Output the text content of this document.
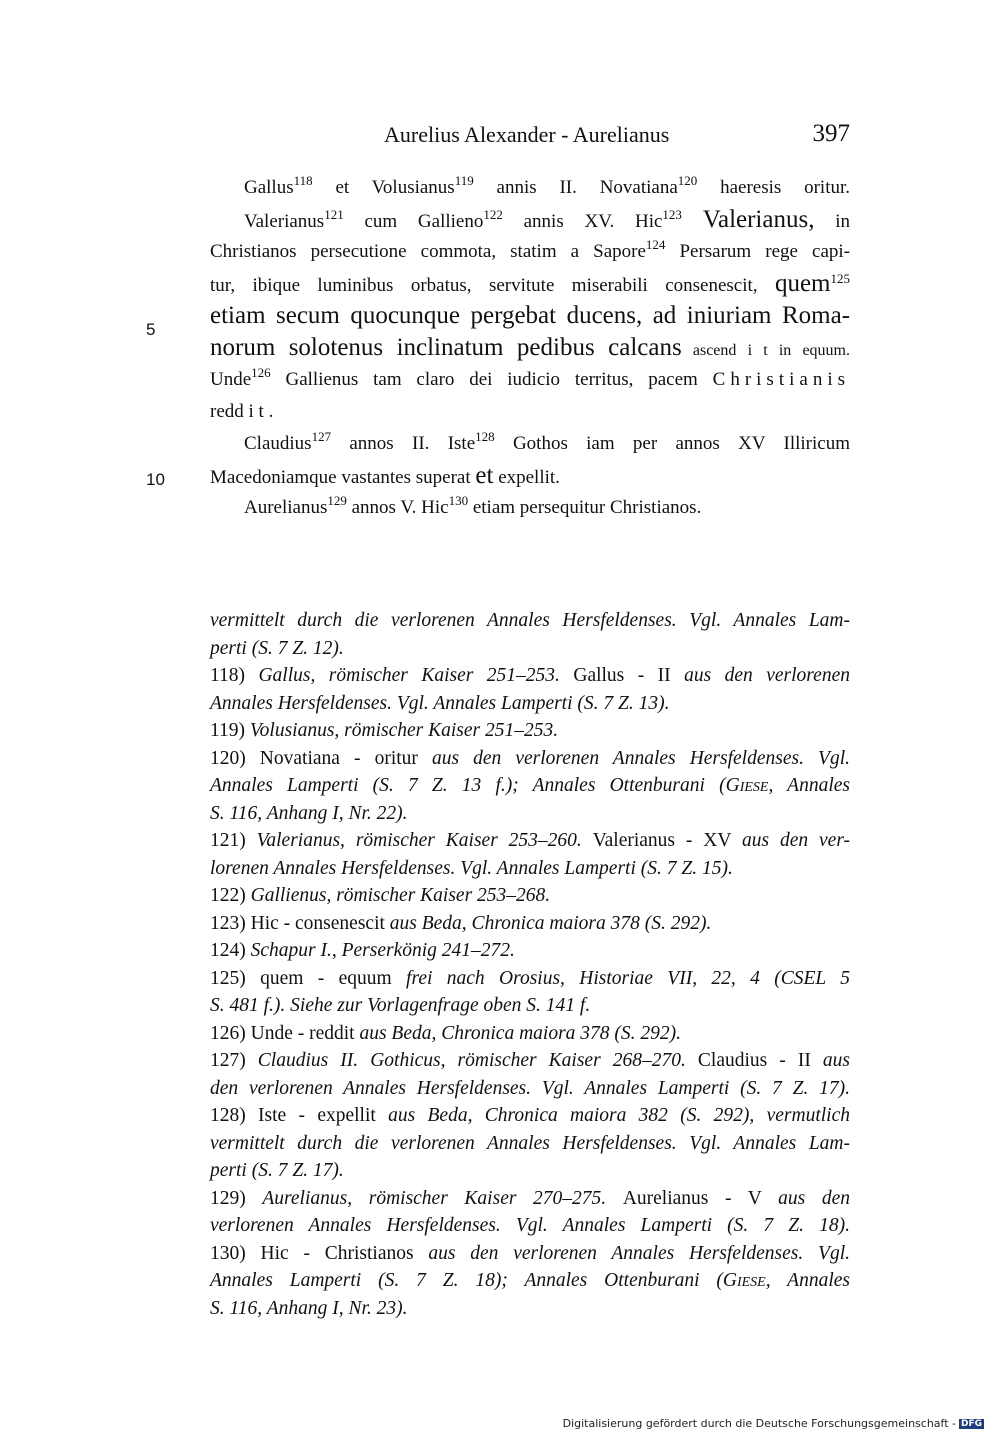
Aurelius Alexander - Aurelianus	397
5
10
Gallus$^{118}$ et Volusianus$^{119}$ annis II. Novatiana$^{120}$ haeresis oritur.
Valerianus$^{121}$ cum Gallieno$^{122}$ annis XV. Hic$^{123}$ Valerianus, in
Christianos persecutione commota, statim a Sapore$^{124}$ Persarum rege capi-
tur, ibique luminibus orbatus, servitute miserabili consenescit, quem$^{125}$
etiam secum quocunque pergebat ducens, ad iniuriam Roma-
norum solotenus inclinatum pedibus calcans ascend i t in equum.
Unde$^{126}$ Gallienus tam claro dei iudicio territus, pacem Christianis
redd i t .
Claudius$^{127}$ annos II. Iste$^{128}$ Gothos iam per annos XV Illiricum
Macedoniamque vastantes superat et expellit.
Aurelianus$^{129}$ annos V. Hic$^{130}$ etiam persequitur Christianos.
vermittelt durch die verlorenen Annales Hersfeldenses. Vgl. Annales Lam-
perti (S. 7 Z. 12).
118) Gallus, römischer Kaiser 251–253. Gallus - II aus den verlorenen
Annales Hersfeldenses. Vgl. Annales Lamperti (S. 7 Z. 13).
119) Volusianus, römischer Kaiser 251–253.
120) Novatiana - oritur aus den verlorenen Annales Hersfeldenses. Vgl.
Annales Lamperti (S. 7 Z. 13 f.); Annales Ottenburani (Giese, Annales
S. 116, Anhang I, Nr. 22).
121) Valerianus, römischer Kaiser 253–260. Valerianus - XV aus den ver-
lorenen Annales Hersfeldenses. Vgl. Annales Lamperti (S. 7 Z. 15).
122) Gallienus, römischer Kaiser 253–268.
123) Hic - consenescit aus Beda, Chronica maiora 378 (S. 292).
124) Schapur I., Perserkönig 241–272.
125) quem - equum frei nach Orosius, Historiae VII, 22, 4 (CSEL 5
S. 481 f.). Siehe zur Vorlagenfrage oben S. 141 f.
126) Unde - reddit aus Beda, Chronica maiora 378 (S. 292).
127) Claudius II. Gothicus, römischer Kaiser 268–270. Claudius - II aus
den verlorenen Annales Hersfeldenses. Vgl. Annales Lamperti (S. 7 Z. 17).
128) Iste - expellit aus Beda, Chronica maiora 382 (S. 292), vermutlich
vermittelt durch die verlorenen Annales Hersfeldenses. Vgl. Annales Lam-
perti (S. 7 Z. 17).
129) Aurelianus, römischer Kaiser 270–275. Aurelianus - V aus den
verlorenen Annales Hersfeldenses. Vgl. Annales Lamperti (S. 7 Z. 18).
130) Hic - Christianos aus den verlorenen Annales Hersfeldenses. Vgl.
Annales Lamperti (S. 7 Z. 18); Annales Ottenburani (Giese, Annales
S. 116, Anhang I, Nr. 23).
Digitalisierung gefördert durch die Deutsche Forschungsgemeinschaft - DFG
